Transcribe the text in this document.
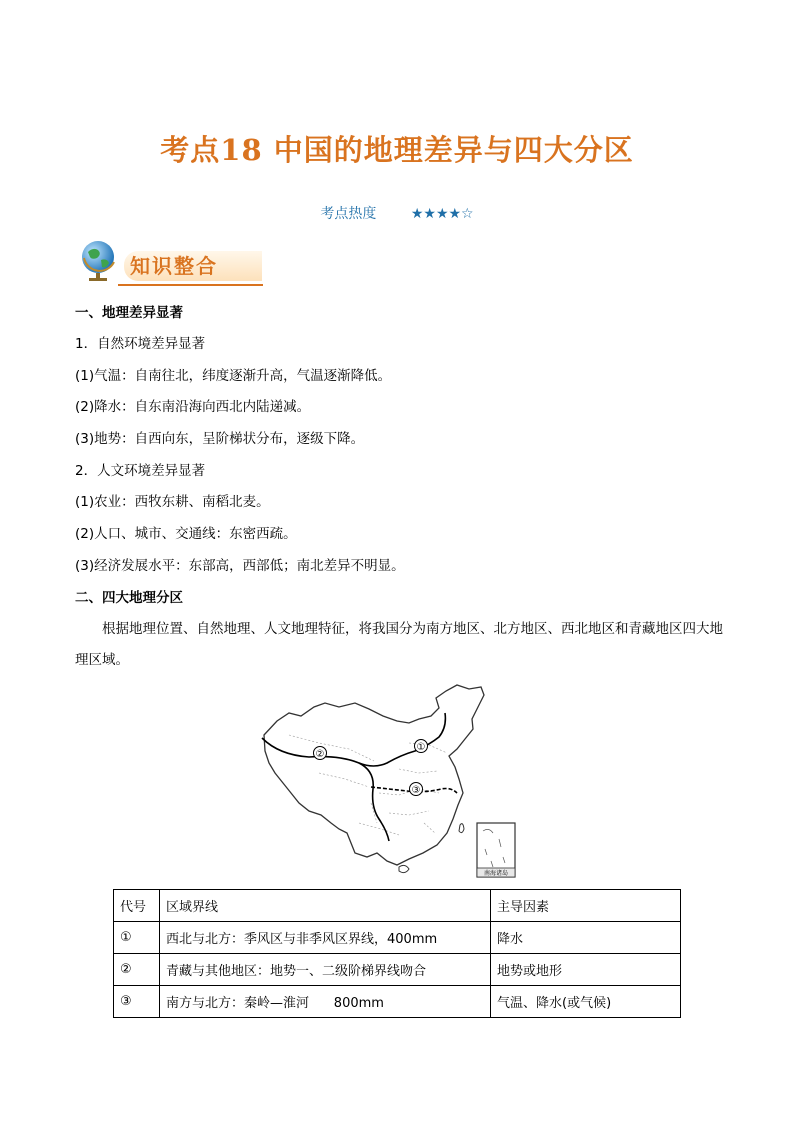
考点18 中国的地理差异与四大分区
考点热度 ★★★★☆
知识整合
一、地理差异显著
1．自然环境差异显著
(1)气温：自南往北，纬度逐渐升高，气温逐渐降低。
(2)降水：自东南沿海向西北内陆递减。
(3)地势：自西向东，呈阶梯状分布，逐级下降。
2．人文环境差异显著
(1)农业：西牧东耕、南稻北麦。
(2)人口、城市、交通线：东密西疏。
(3)经济发展水平：东部高，西部低；南北差异不明显。
二、四大地理分区
根据地理位置、自然地理、人文地理特征，将我国分为南方地区、北方地区、西北地区和青藏地区四大地理区域。
②
①
③
南海诸岛
代号	区域界线	主导因素
①	西北与北方：季风区与非季风区界线，400mm	降水
②	青藏与其他地区：地势一、二级阶梯界线吻合	地势或地形
③	南方与北方：秦岭—淮河      800mm	气温、降水(或气候)
